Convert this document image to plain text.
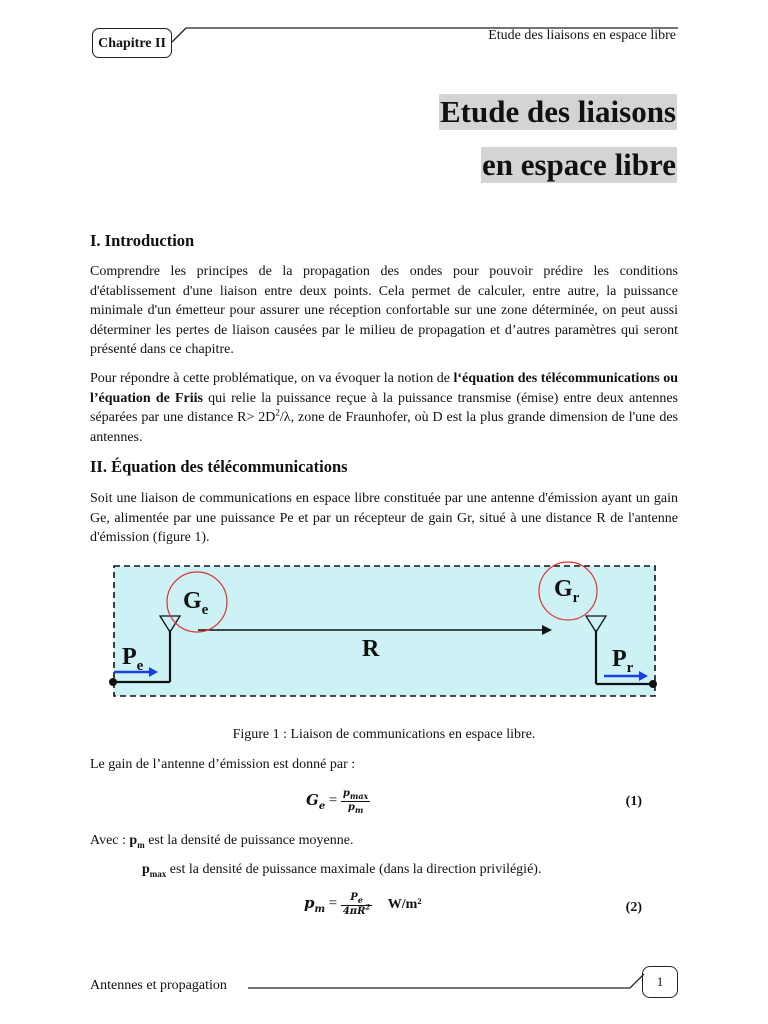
Chapitre II
Etude des liaisons en espace libre
Etude des liaisons
en espace libre
I. Introduction

Comprendre les principes de la propagation des ondes pour pouvoir prédire les conditions d'établissement d'une liaison entre deux points. Cela permet de calculer, entre autre, la puissance minimale d'un émetteur pour assurer une réception confortable sur une zone déterminée, on peut aussi déterminer les pertes de liaison causées par le milieu de propagation et d’autres paramètres qui seront présenté dans ce chapitre.

Pour répondre à cette problématique, on va évoquer la notion de l‘équation des télécommunications ou l’équation de Friis qui relie la puissance reçue à la puissance transmise (émise) entre deux antennes séparées par une distance $R> 2D^2/\lambda$, zone de Fraunhofer, où D est la plus grande dimension de l'une des antennes.

II. Équation des télécommunications

Soit une liaison de communications en espace libre constituée par une antenne d'émission ayant un gain Ge, alimentée par une puissance Pe et par un récepteur de gain Gr, situé à une distance R de l'antenne d'émission (figure 1).

$G_e$
$G_r$
R
$P_e$	$P_r$
Figure 1 : Liaison de communications en espace libre.
Le gain de l’antenne d’émission est donné par :
$G_e = \frac{p_{max}}{p_m}$	(1)
Avec : $p_m$ est la densité de puissance moyenne.
$p_{max}$ est la densité de puissance maximale (dans la direction privilégié).
$p_m = \frac{P_e}{4\pi R^2} W/m^2$	(2)
Antennes et propagation	1
